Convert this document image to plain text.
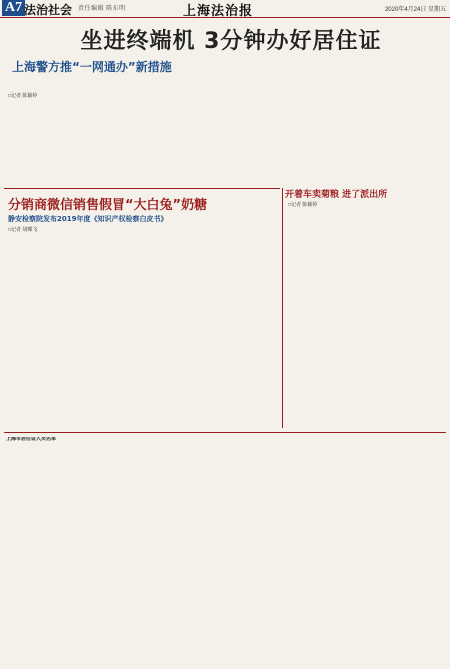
A7 法治社会 责任编辑 陈东明	上海法治报	2020年4月24日 星期五
坐进终端机 3分钟办好居住证
上海警方推“一网通办”新措施
□记者 陈颖婷
分销商微信销售假冒“大白兔”奶糖
静安检察院发布2019年度《知识产权检察白皮书》
□记者 胡蝶飞
开着车卖菊粮 进了派出所
□记者 陈颖婷
上海市居住证人员名单
